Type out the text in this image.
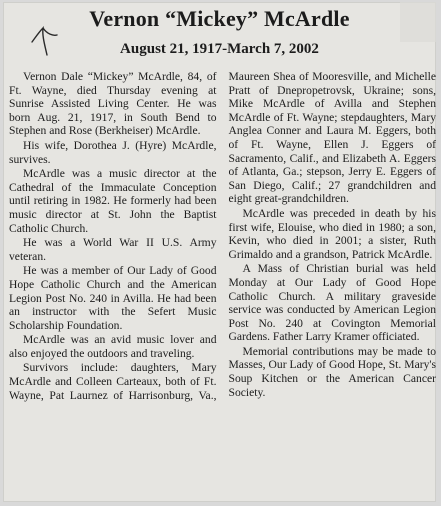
Vernon “Mickey” McArdle
August 21, 1917-March 7, 2002

Vernon Dale “Mickey” McArdle, 84, of Ft. Wayne, died Thursday evening at Sunrise Assisted Living Center. He was born Aug. 21, 1917, in South Bend to Stephen and Rose (Berkheiser) McArdle.

His wife, Dorothea J. (Hyre) McArdle, survives.

McArdle was a music director at the Cathedral of the Immaculate Conception until retiring in 1982. He formerly had been music director at St. John the Baptist Catholic Church.

He was a World War II U.S. Army veteran.

He was a member of Our Lady of Good Hope Catholic Church and the American Legion Post No. 240 in Avilla. He had been an instructor with the Sefert Music Scholarship Foundation.

McArdle was an avid music lover and also enjoyed the outdoors and traveling.

Survivors include: daughters, Mary McArdle and Colleen Carteaux, both of Ft. Wayne, Pat Laurnez of Harrisonburg, Va., Maureen Shea of Mooresville, and Michelle Pratt of Dnepropetrovsk, Ukraine; sons, Mike McArdle of Avilla and Stephen McArdle of Ft. Wayne; stepdaughters, Mary Anglea Conner and Laura M. Eggers, both of Ft. Wayne, Ellen J. Eggers of Sacramento, Calif., and Elizabeth A. Eggers of Atlanta, Ga.; stepson, Jerry E. Eggers of San Diego, Calif.; 27 grandchildren and eight great-grandchildren.

McArdle was preceded in death by his first wife, Elouise, who died in 1980; a son, Kevin, who died in 2001; a sister, Ruth Grimaldo and a grandson, Patrick McArdle.

A Mass of Christian burial was held Monday at Our Lady of Good Hope Catholic Church. A military graveside service was conducted by American Legion Post No. 240 at Covington Memorial Gardens. Father Larry Kramer officiated.

Memorial contributions may be made to Masses, Our Lady of Good Hope, St. Mary's Soup Kitchen or the American Cancer Society.
